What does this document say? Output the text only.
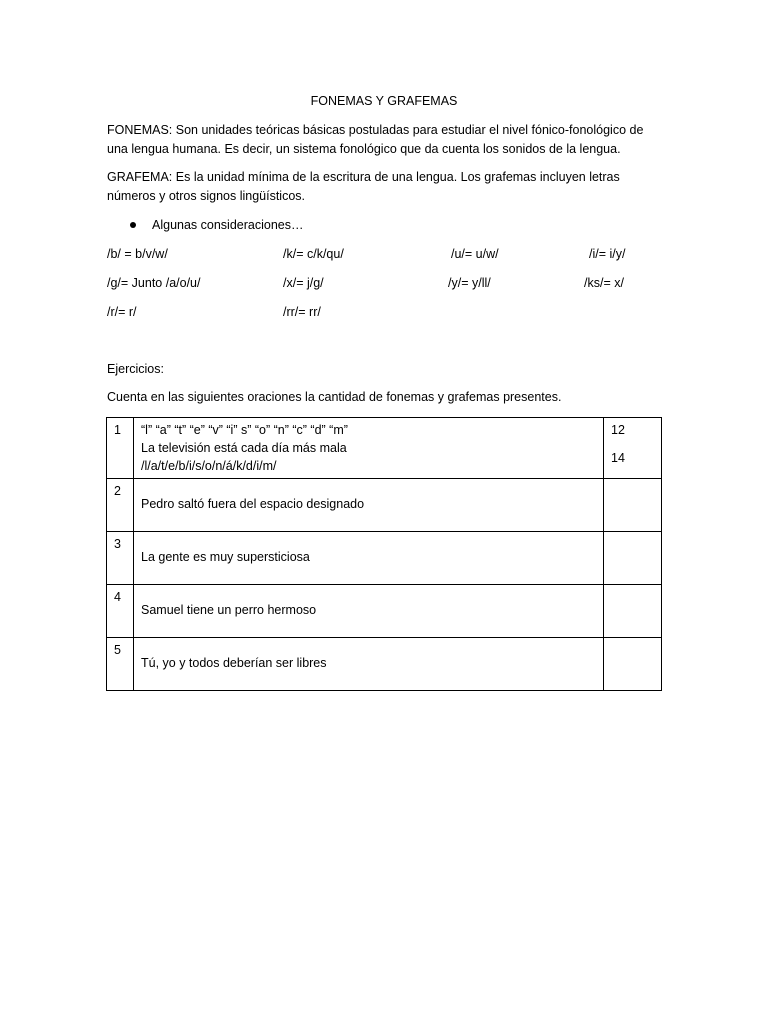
FONEMAS Y GRAFEMAS
FONEMAS: Son unidades teóricas básicas postuladas para estudiar el nivel fónico-fonológico de una lengua humana. Es decir, un sistema fonológico que da cuenta los sonidos de la lengua.
GRAFEMA: Es la unidad mínima de la escritura de una lengua. Los grafemas incluyen letras números y otros signos lingüísticos.
Algunas consideraciones…
/b/ = b/v/w/	/k/= c/k/qu/	/u/= u/w/	/i/= i/y/
/g/= Junto /a/o/u/	/x/= j/g/	/y/= y/ll/	/ks/= x/
/r/= r/	/rr/= rr/
Ejercicios:
Cuenta en las siguientes oraciones la cantidad de fonemas y grafemas presentes.
1	“l” “a” “t” “e” “v” “i” s” “o” “n” “c” “d” “m”
La televisión está cada día más mala
/l/a/t/e/b/i/s/o/n/á/k/d/i/m/	12
14

2	Pedro saltó fuera del espacio designado	

3	La gente es muy supersticiosa	

4	Samuel tiene un perro hermoso	

5	Tú, yo y todos deberían ser libres	
